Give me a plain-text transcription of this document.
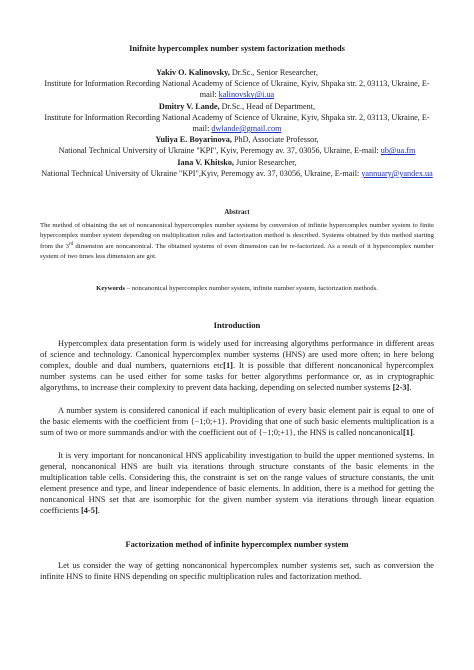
Inifnite hypercomplex number system factorization methods
Yakiv O. Kalinovsky, Dr.Sc., Senior Researcher,
Institute for Information Recording National Academy of Science of Ukraine, Kyiv, Shpaka str. 2, 03113, Ukraine, E-mail: kalinovsky@i.ua
Dmitry V. Lande, Dr.Sc., Head of Department,
Institute for Information Recording National Academy of Science of Ukraine, Kyiv, Shpaka str. 2, 03113, Ukraine, E-mail: dwlande@gmail.com
Yuliya E. Boyarinova, PhD, Associate Professor,
National Technical University of Ukraine "KPI", Kyiv, Peremogy av. 37, 03056, Ukraine, E-mail: ub@ua.fm
Iana V. Khitsko, Junior Researcher,
National Technical University of Ukraine "KPI",Kyiv, Peremogy av. 37, 03056, Ukraine, E-mail: yannuary@yandex.ua
Abstract
The method of obtaining the set of noncanonical hypercomplex number systems by conversion of infinite hypercomplex number system to finite hypercomplex number system depending on multiplication rules and factorization method is described. Systems obtained by this method starting from the 3rd dimension are noncanonical. The obtained systems of even dimension can be re-factorized. As a result of it hypercomplex number system of two times less dimension are got.
Keywords – noncanonical hypercomplex number system, infinite number system, factorization methods.
Introduction
Hypercomplex data presentation form is widely used for increasing algorythms performance in different areas of science and technology. Canonical hypercomplex number systems (HNS) are used more often; in here belong complex, double and dual numbers, quaternions etc[1]. It is possible that different noncanonical hypercomplex number systems can be used either for some tasks for better algorythms performance or, as in cryptographic algorythms, to increase their complexity to prevent data hacking, depending on selected number systems [2-3].
A number system is considered canonical if each multiplication of every basic element pair is equal to one of the basic elements with the coefficient from {−1;0;+1}. Providing that one of such basic elements multiplication is a sum of two or more summands and/or with the coefficient out of {−1;0;+1}, the HNS is called noncanonical[1].
It is very important for noncanonical HNS applicability investigation to build the upper mentioned systems. In general, noncanonical HNS are built via iterations through structure constants of the basic elements in the multiplication table cells. Considering this, the constraint is set on the range values of structure constants, the unit element presence and type, and linear independence of basic elements. In addition, there is a method for getting the noncanonical HNS set that are isomorphic for the given number system via iterations through linear equation coefficients [4-5].
Factorization method of infinite hypercomplex number system
Let us consider the way of getting noncanonical hypercomplex number systems set, such as conversion the infinite HNS to finite HNS depending on specific multiplication rules and factorization method.
